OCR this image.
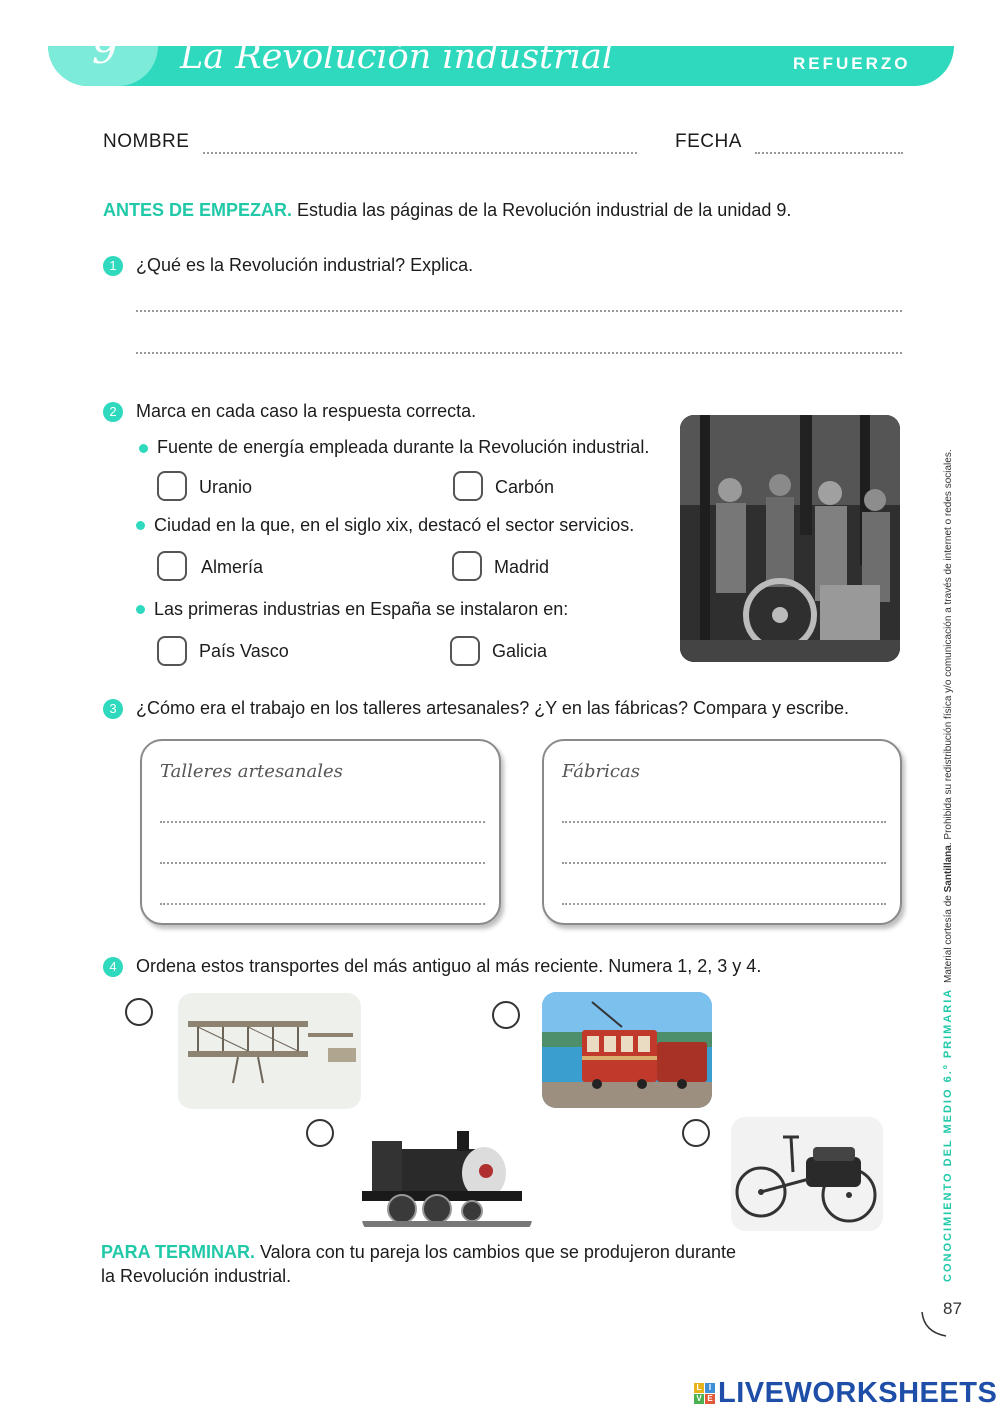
9 La Revolución industrial	REFUERZO
NOMBRE	FECHA
ANTES DE EMPEZAR. Estudia las páginas de la Revolución industrial de la unidad 9.
1	¿Qué es la Revolución industrial? Explica.
2	Marca en cada caso la respuesta correcta.
Fuente de energía empleada durante la Revolución industrial.
Uranio	Carbón
Ciudad en la que, en el siglo xix, destacó el sector servicios.
Almería	Madrid
Las primeras industrias en España se instalaron en:
País Vasco	Galicia
3	¿Cómo era el trabajo en los talleres artesanales? ¿Y en las fábricas? Compara y escribe.
Talleres artesanales	Fábricas
4	Ordena estos transportes del más antiguo al más reciente. Numera 1, 2, 3 y 4.
PARA TERMINAR. Valora con tu pareja los cambios que se produjeron durante
la Revolución industrial.
Material cortesía de Santillana. Prohibida su redistribución física y/o comunicación a través de internet o redes sociales.
CONOCIMIENTO DEL MEDIO 6.º PRIMARIA
87
L I
V E LIVEWORKSHEETS
